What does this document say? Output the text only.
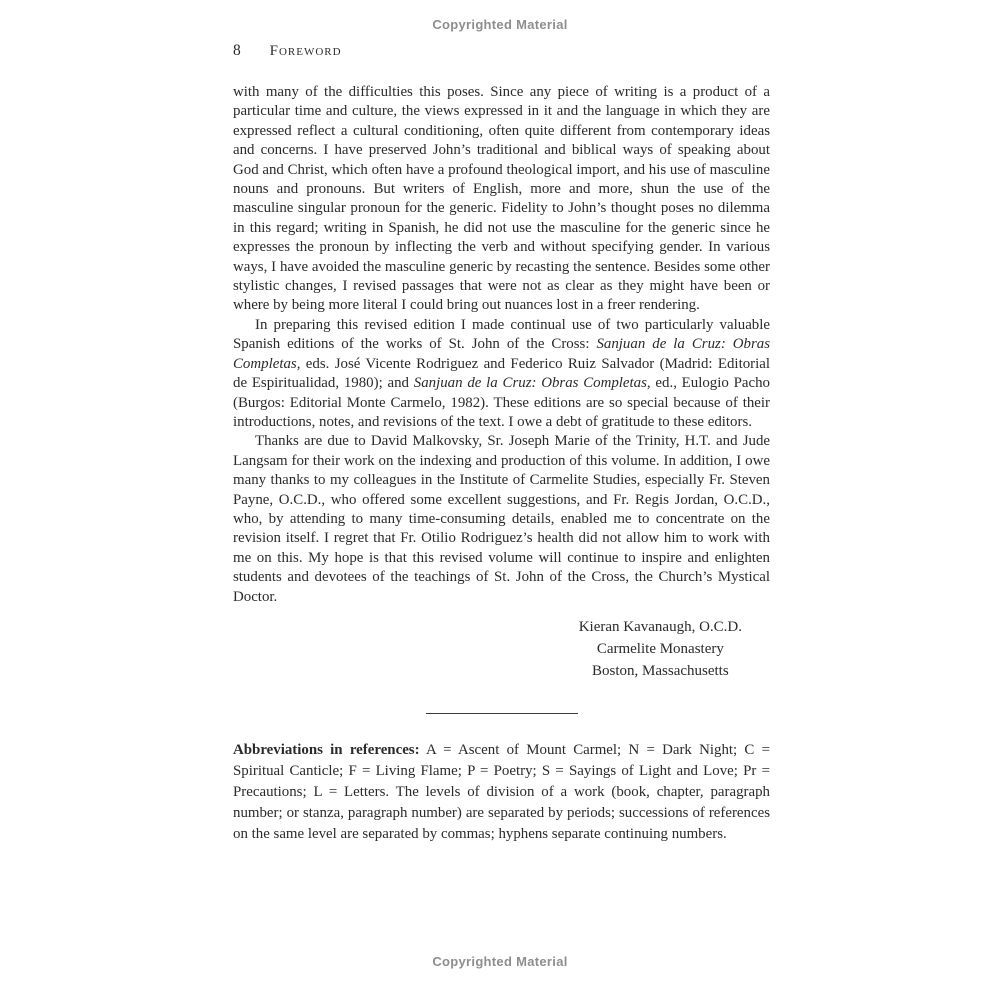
Copyrighted Material
8 Foreword

with many of the difficulties this poses. Since any piece of writing is a product of a particular time and culture, the views expressed in it and the language in which they are expressed reflect a cultural conditioning, often quite different from contemporary ideas and concerns. I have preserved John’s traditional and biblical ways of speaking about God and Christ, which often have a profound theological import, and his use of masculine nouns and pronouns. But writers of English, more and more, shun the use of the masculine singular pronoun for the generic. Fidelity to John’s thought poses no dilemma in this regard; writing in Spanish, he did not use the masculine for the generic since he expresses the pronoun by inflecting the verb and without specifying gender. In various ways, I have avoided the masculine generic by recasting the sentence. Besides some other stylistic changes, I revised passages that were not as clear as they might have been or where by being more literal I could bring out nuances lost in a freer rendering.

In preparing this revised edition I made continual use of two particularly valuable Spanish editions of the works of St. John of the Cross: Sanjuan de la Cruz: Obras Completas, eds. José Vicente Rodriguez and Federico Ruiz Salvador (Madrid: Editorial de Espiritualidad, 1980); and Sanjuan de la Cruz: Obras Completas, ed., Eulogio Pacho (Burgos: Editorial Monte Carmelo, 1982). These editions are so special because of their introductions, notes, and revisions of the text. I owe a debt of gratitude to these editors.

Thanks are due to David Malkovsky, Sr. Joseph Marie of the Trinity, H.T. and Jude Langsam for their work on the indexing and production of this volume. In addition, I owe many thanks to my colleagues in the Institute of Carmelite Studies, especially Fr. Steven Payne, O.C.D., who offered some excellent suggestions, and Fr. Regis Jordan, O.C.D., who, by attending to many time-consuming details, enabled me to concentrate on the revision itself. I regret that Fr. Otilio Rodriguez’s health did not allow him to work with me on this. My hope is that this revised volume will continue to inspire and enlighten students and devotees of the teachings of St. John of the Cross, the Church’s Mystical Doctor.

Kieran Kavanaugh, O.C.D.
Carmelite Monastery
Boston, Massachusetts

Abbreviations in references: A = Ascent of Mount Carmel; N = Dark Night; C = Spiritual Canticle; F = Living Flame; P = Poetry; S = Sayings of Light and Love; Pr = Precautions; L = Letters. The levels of division of a work (book, chapter, paragraph number; or stanza, paragraph number) are separated by periods; successions of references on the same level are separated by commas; hyphens separate continuing numbers.

Copyrighted Material
